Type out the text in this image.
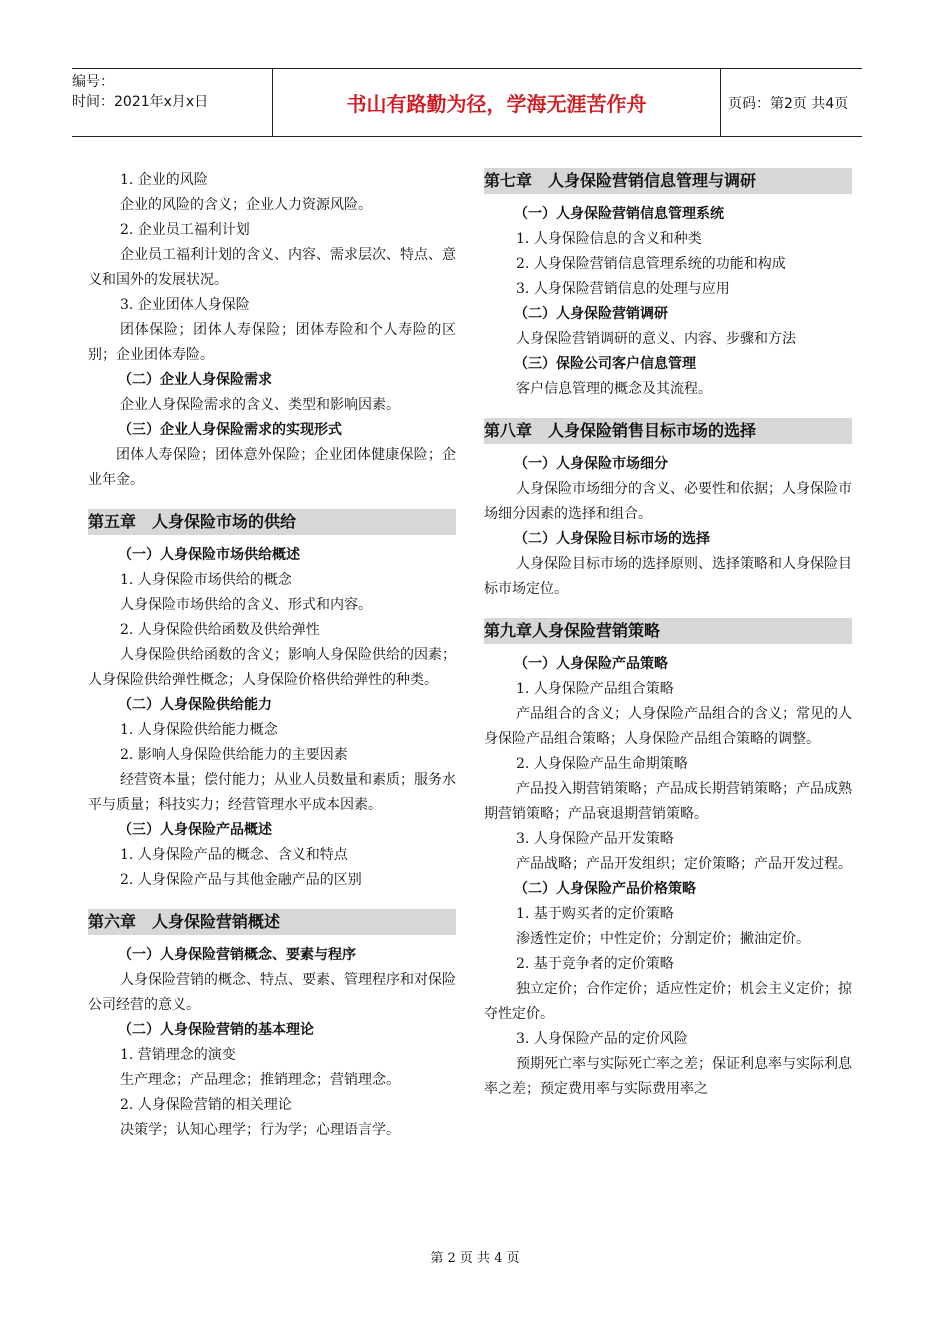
编号：
时间：2021年x月x日	书山有路勤为径，学海无涯苦作舟	页码：第2页 共4页
1. 企业的风险
企业的风险的含义；企业人力资源风险。
2. 企业员工福利计划
企业员工福利计划的含义、内容、需求层次、特点、意义和国外的发展状况。
3. 企业团体人身保险
团体保险；团体人寿保险；团体寿险和个人寿险的区别；企业团体寿险。
（二）企业人身保险需求
企业人身保险需求的含义、类型和影响因素。
（三）企业人身保险需求的实现形式
团体人寿保险；团体意外保险；企业团体健康保险；企业年金。
第五章　人身保险市场的供给
（一）人身保险市场供给概述
1. 人身保险市场供给的概念
人身保险市场供给的含义、形式和内容。
2. 人身保险供给函数及供给弹性
人身保险供给函数的含义；影响人身保险供给的因素；人身保险供给弹性概念；人身保险价格供给弹性的种类。
（二）人身保险供给能力
1. 人身保险供给能力概念
2. 影响人身保险供给能力的主要因素
经营资本量；偿付能力；从业人员数量和素质；服务水平与质量；科技实力；经营管理水平成本因素。
（三）人身保险产品概述
1. 人身保险产品的概念、含义和特点
2. 人身保险产品与其他金融产品的区别
第六章　人身保险营销概述
（一）人身保险营销概念、要素与程序
人身保险营销的概念、特点、要素、管理程序和对保险公司经营的意义。
（二）人身保险营销的基本理论
1. 营销理念的演变
生产理念；产品理念；推销理念；营销理念。
2. 人身保险营销的相关理论
决策学；认知心理学；行为学；心理语言学。
第七章　人身保险营销信息管理与调研
（一）人身保险营销信息管理系统
1. 人身保险信息的含义和种类
2. 人身保险营销信息管理系统的功能和构成
3. 人身保险营销信息的处理与应用
（二）人身保险营销调研
人身保险营销调研的意义、内容、步骤和方法
（三）保险公司客户信息管理
客户信息管理的概念及其流程。
第八章　人身保险销售目标市场的选择
（一）人身保险市场细分
人身保险市场细分的含义、必要性和依据；人身保险市场细分因素的选择和组合。
（二）人身保险目标市场的选择
人身保险目标市场的选择原则、选择策略和人身保险目标市场定位。
第九章人身保险营销策略
（一）人身保险产品策略
1. 人身保险产品组合策略
产品组合的含义；人身保险产品组合的含义；常见的人身保险产品组合策略；人身保险产品组合策略的调整。
2. 人身保险产品生命期策略
产品投入期营销策略；产品成长期营销策略；产品成熟期营销策略；产品衰退期营销策略。
3. 人身保险产品开发策略
产品战略；产品开发组织；定价策略；产品开发过程。
（二）人身保险产品价格策略
1. 基于购买者的定价策略
渗透性定价；中性定价；分割定价；撇油定价。
2. 基于竞争者的定价策略
独立定价；合作定价；适应性定价；机会主义定价；掠夺性定价。
3. 人身保险产品的定价风险
预期死亡率与实际死亡率之差；保证利息率与实际利息率之差；预定费用率与实际费用率之
第 2 页 共 4 页
